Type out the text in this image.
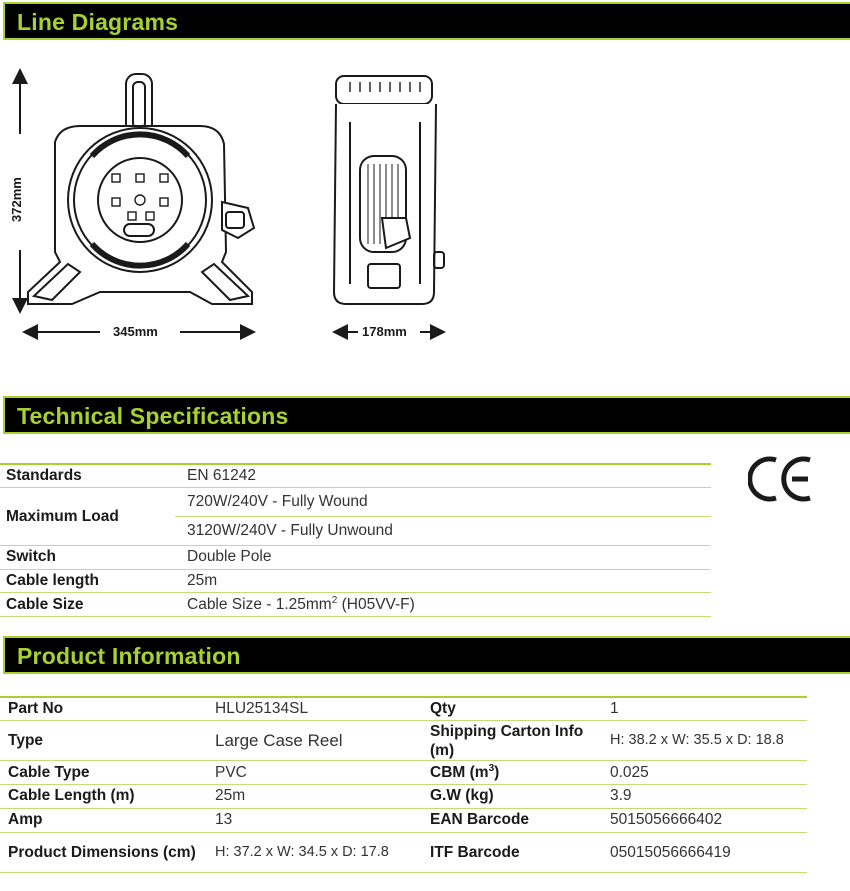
Line Diagrams
372mm
345mm	178mm
Technical Specifications
Standards	EN 61242
Maximum Load	720W/240V - Fully Wound
	3120W/240V - Fully Unwound
Switch	Double Pole
Cable length	25m
Cable Size	Cable Size - $1.25mm^2$ (H05VV-F)
Product Information
Part No	HLU25134SL	Qty	1
Type	Large Case Reel	Shipping Carton Info (m)	H: 38.2 x W: 35.5 x D: 18.8
Cable Type	PVC	CBM $(m^3)$	0.025
Cable Length (m)	25m	G.W (kg)	3.9
Amp	13	EAN Barcode	5015056666402
Product Dimensions (cm)	H: 37.2 x W: 34.5 x D: 17.8	ITF Barcode	05015056666419
